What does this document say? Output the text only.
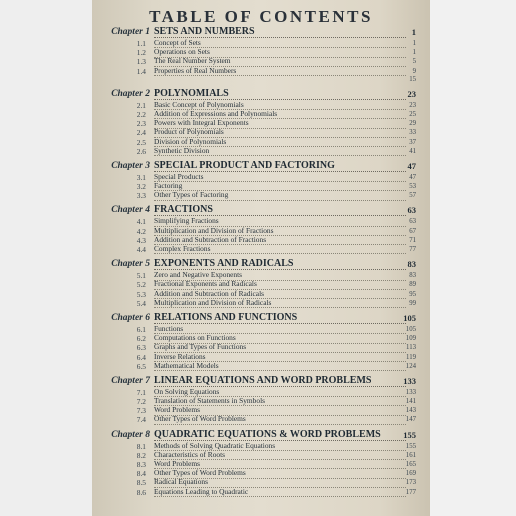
TABLE OF CONTENTS
Chapter 1 SETS AND NUMBERS	1
1.1 Concept of Sets	1
1.2 Operations on Sets	1
1.3 The Real Number System	5
1.4 Properties of Real Numbers	9
15
Chapter 2 POLYNOMIALS	23
2.1 Basic Concept of Polynomials	23
2.2 Addition of Expressions and Polynomials	25
2.3 Powers with Integral Exponents	29
2.4 Product of Polynomials	33
2.5 Division of Polynomials	37
2.6 Synthetic Division	41
Chapter 3 SPECIAL PRODUCT AND FACTORING	47
3.1 Special Products	47
3.2 Factoring	53
3.3 Other Types of Factoring	57
Chapter 4 FRACTIONS	63
4.1 Simplifying Fractions	63
4.2 Multiplication and Division of Fractions	67
4.3 Addition and Subtraction of Fractions	71
4.4 Complex Fractions	77
Chapter 5 EXPONENTS AND RADICALS	83
5.1 Zero and Negative Exponents	83
5.2 Fractional Exponents and Radicals	89
5.3 Addition and Subtraction of Radicals	95
5.4 Multiplication and Division of Radicals	99
Chapter 6 RELATIONS AND FUNCTIONS	105
6.1 Functions	105
6.2 Computations on Functions	109
6.3 Graphs and Types of Functions	113
6.4 Inverse Relations	119
6.5 Mathematical Models	124
Chapter 7 LINEAR EQUATIONS AND WORD PROBLEMS	133
7.1 On Solving Equations	133
7.2 Translation of Statements in Symbols	141
7.3 Word Problems	143
7.4 Other Types of Word Problems	147
Chapter 8 QUADRATIC EQUATIONS & WORD PROBLEMS	155
8.1 Methods of Solving Quadratic Equations	155
8.2 Characteristics of Roots	161
8.3 Word Problems	165
8.4 Other Types of Word Problems	169
8.5 Radical Equations	173
8.6 Equations Leading to Quadratic	177
